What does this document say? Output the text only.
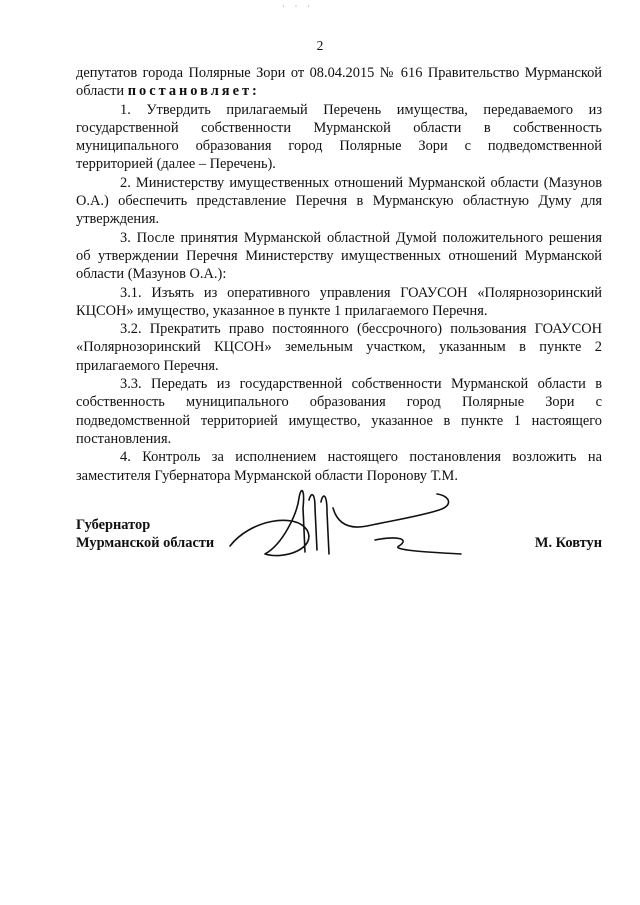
· · ·
2

депутатов города Полярные Зори от 08.04.2015 № 616 Правительство Мурманской области постановляет:

1. Утвердить прилагаемый Перечень имущества, передаваемого из государственной собственности Мурманской области в собственность муниципального образования город Полярные Зори с подведомственной территорией (далее – Перечень).

2. Министерству имущественных отношений Мурманской области (Мазунов О.А.) обеспечить представление Перечня в Мурманскую областную Думу для утверждения.

3. После принятия Мурманской областной Думой положительного решения об утверждении Перечня Министерству имущественных отношений Мурманской области (Мазунов О.А.):

3.1. Изъять из оперативного управления ГОАУСОН «Полярнозоринский КЦСОН» имущество, указанное в пункте 1 прилагаемого Перечня.

3.2. Прекратить право постоянного (бессрочного) пользования ГОАУСОН «Полярнозоринский КЦСОН» земельным участком, указанным в пункте 2 прилагаемого Перечня.

3.3. Передать из государственной собственности Мурманской области в собственность муниципального образования город Полярные Зори с подведомственной территорией имущество, указанное в пункте 1 настоящего постановления.

4. Контроль за исполнением настоящего постановления возложить на заместителя Губернатора Мурманской области Поронову Т.М.

Губернатор
Мурманской области	М. Ковтун
